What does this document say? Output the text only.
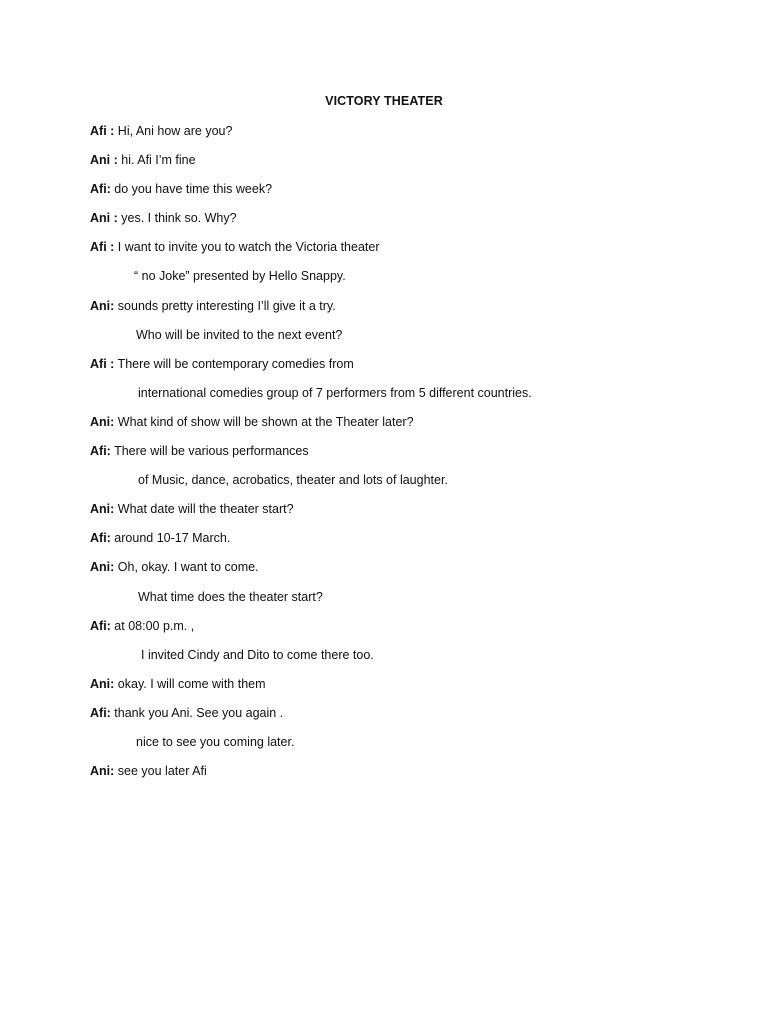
VICTORY THEATER
Afi : Hi, Ani how are you?
Ani : hi. Afi I’m fine
Afi: do you have time this week?
Ani : yes. I think so. Why?
Afi : I want to invite you to watch the Victoria theater
“ no Joke” presented by Hello Snappy.
Ani: sounds pretty interesting I’ll give it a try.
Who will be invited to the next event?
Afi : There will be contemporary comedies from
international comedies group of 7 performers from 5 different countries.
Ani: What kind of show will be shown at the Theater later?
Afi: There will be various performances
of Music, dance, acrobatics, theater and lots of laughter.
Ani: What date will the theater start?
Afi: around 10-17 March.
Ani: Oh, okay. I want to come.
What time does the theater start?
Afi: at 08:00 p.m. ,
I invited Cindy and Dito to come there too.
Ani: okay. I will come with them
Afi: thank you Ani. See you again .
nice to see you coming later.
Ani: see you later Afi
